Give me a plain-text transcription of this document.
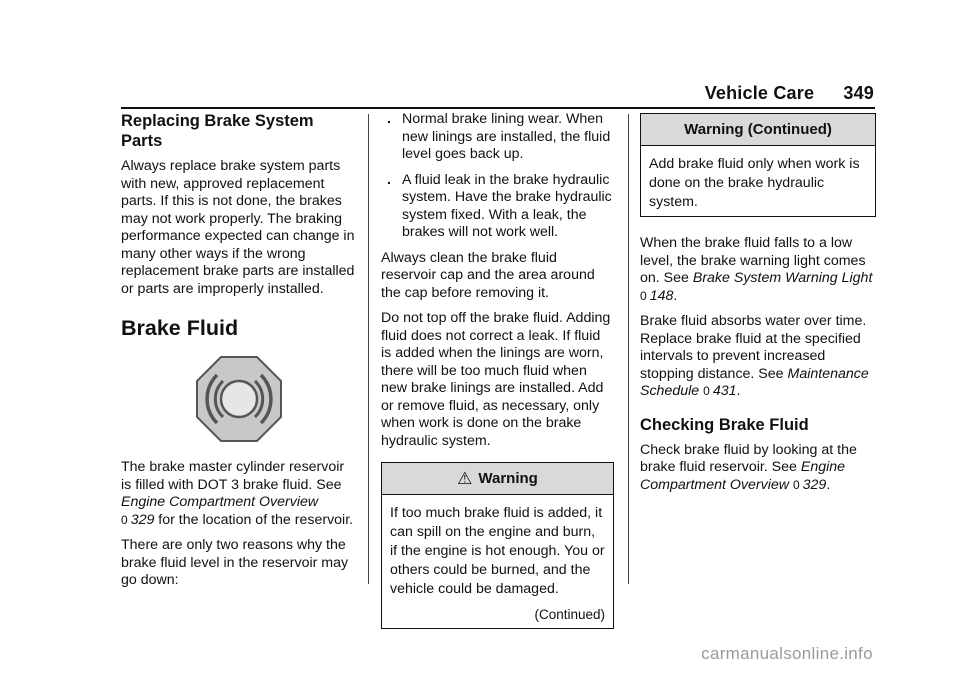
Vehicle Care 349
Replacing Brake System Parts

Always replace brake system parts with new, approved replacement parts. If this is not done, the brakes may not work properly. The braking performance expected can change in many other ways if the wrong replacement brake parts are installed or parts are improperly installed.

Brake Fluid

The brake master cylinder reservoir is filled with DOT 3 brake fluid. See Engine Compartment Overview
0 329 for the location of the reservoir.

There are only two reasons why the brake fluid level in the reservoir may go down:

. Normal brake lining wear. When new linings are installed, the fluid level goes back up.
. A fluid leak in the brake hydraulic system. Have the brake hydraulic system fixed. With a leak, the brakes will not work well.

Always clean the brake fluid reservoir cap and the area around the cap before removing it.

Do not top off the brake fluid. Adding fluid does not correct a leak. If fluid is added when the linings are worn, there will be too much fluid when new brake linings are installed. Add or remove fluid, as necessary, only when work is done on the brake hydraulic system.

⚠ Warning
If too much brake fluid is added, it can spill on the engine and burn, if the engine is hot enough. You or others could be burned, and the vehicle could be damaged.
(Continued)
Warning (Continued)
Add brake fluid only when work is done on the brake hydraulic system.

When the brake fluid falls to a low level, the brake warning light comes on. See Brake System Warning Light 0 148.

Brake fluid absorbs water over time. Replace brake fluid at the specified intervals to prevent increased stopping distance. See Maintenance Schedule 0 431.

Checking Brake Fluid

Check brake fluid by looking at the brake fluid reservoir. See Engine Compartment Overview 0 329.

carmanualsonline.info
